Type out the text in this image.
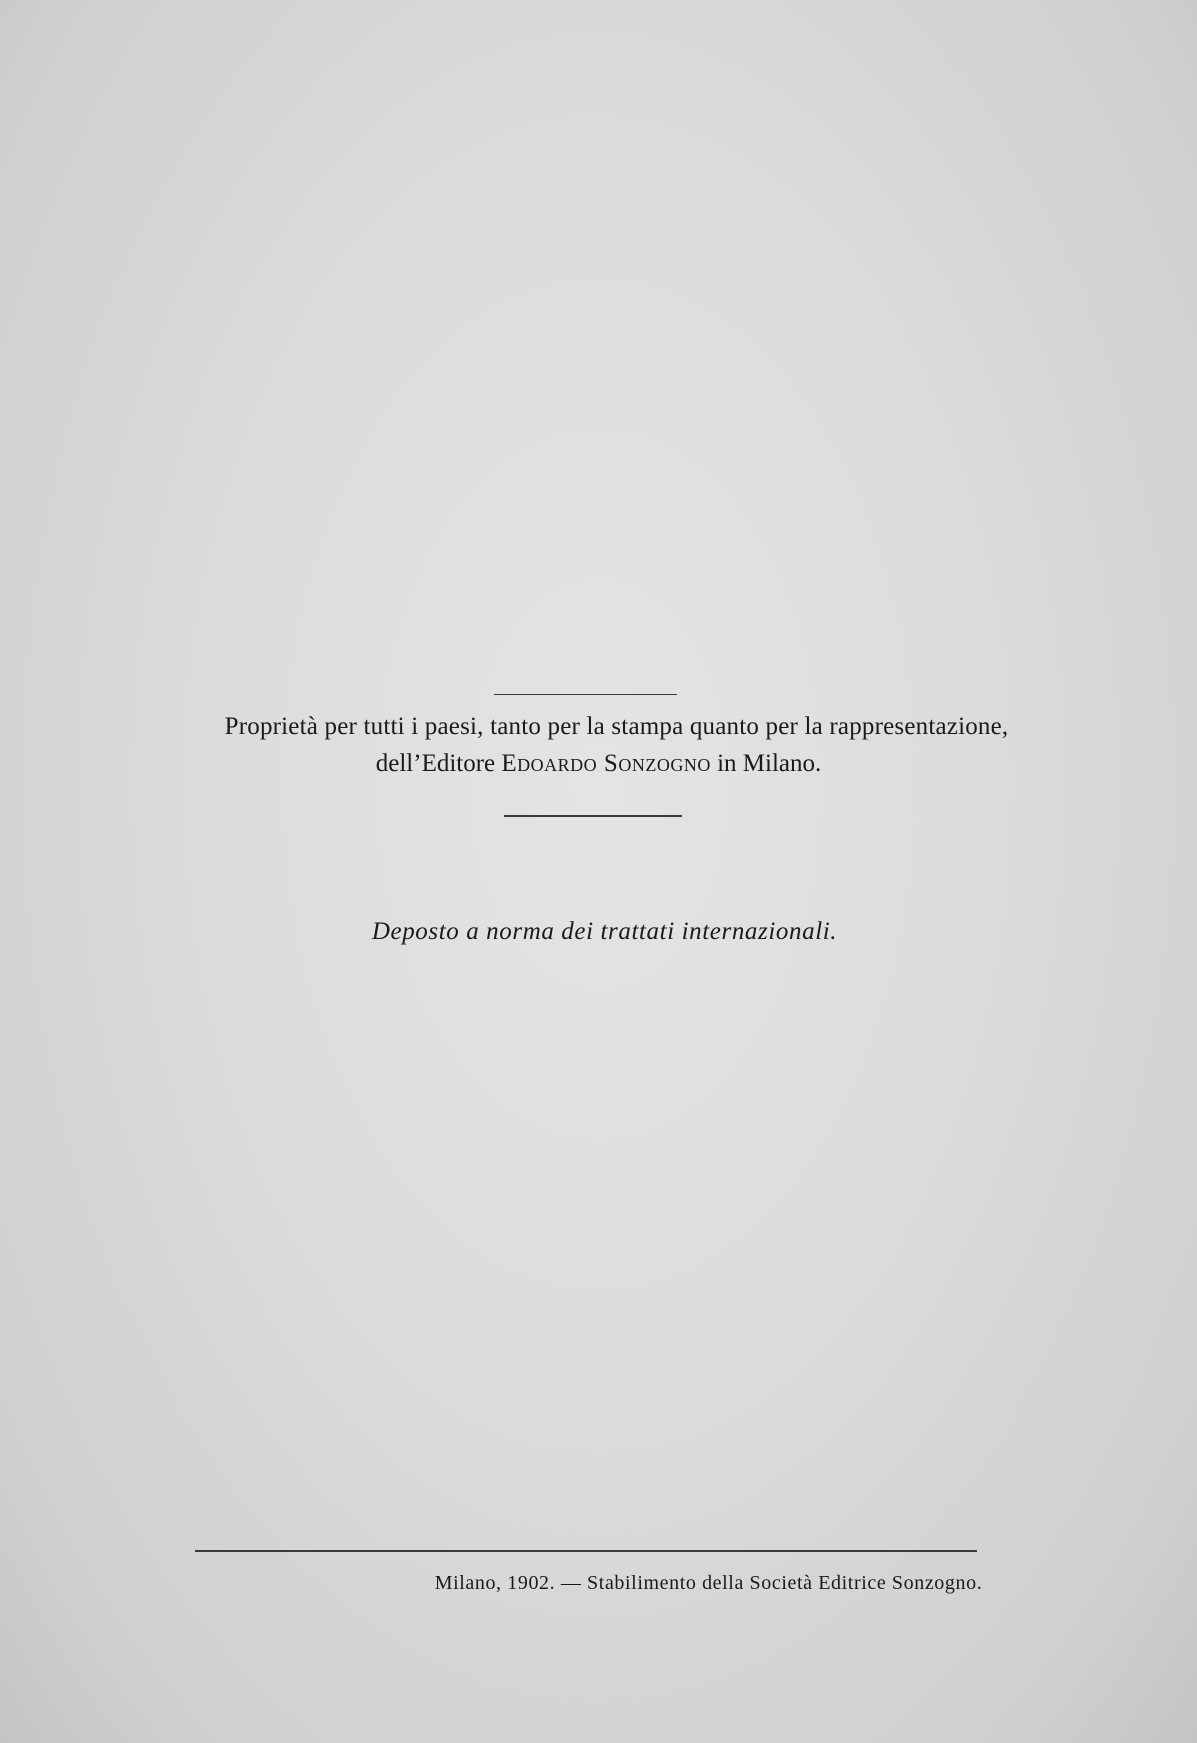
Proprietà per tutti i paesi, tanto per la stampa quanto per la rappresentazione,
dell’Editore Edoardo Sonzogno in Milano.
Deposto a norma dei trattati internazionali.
Milano, 1902. — Stabilimento della Società Editrice Sonzogno.
